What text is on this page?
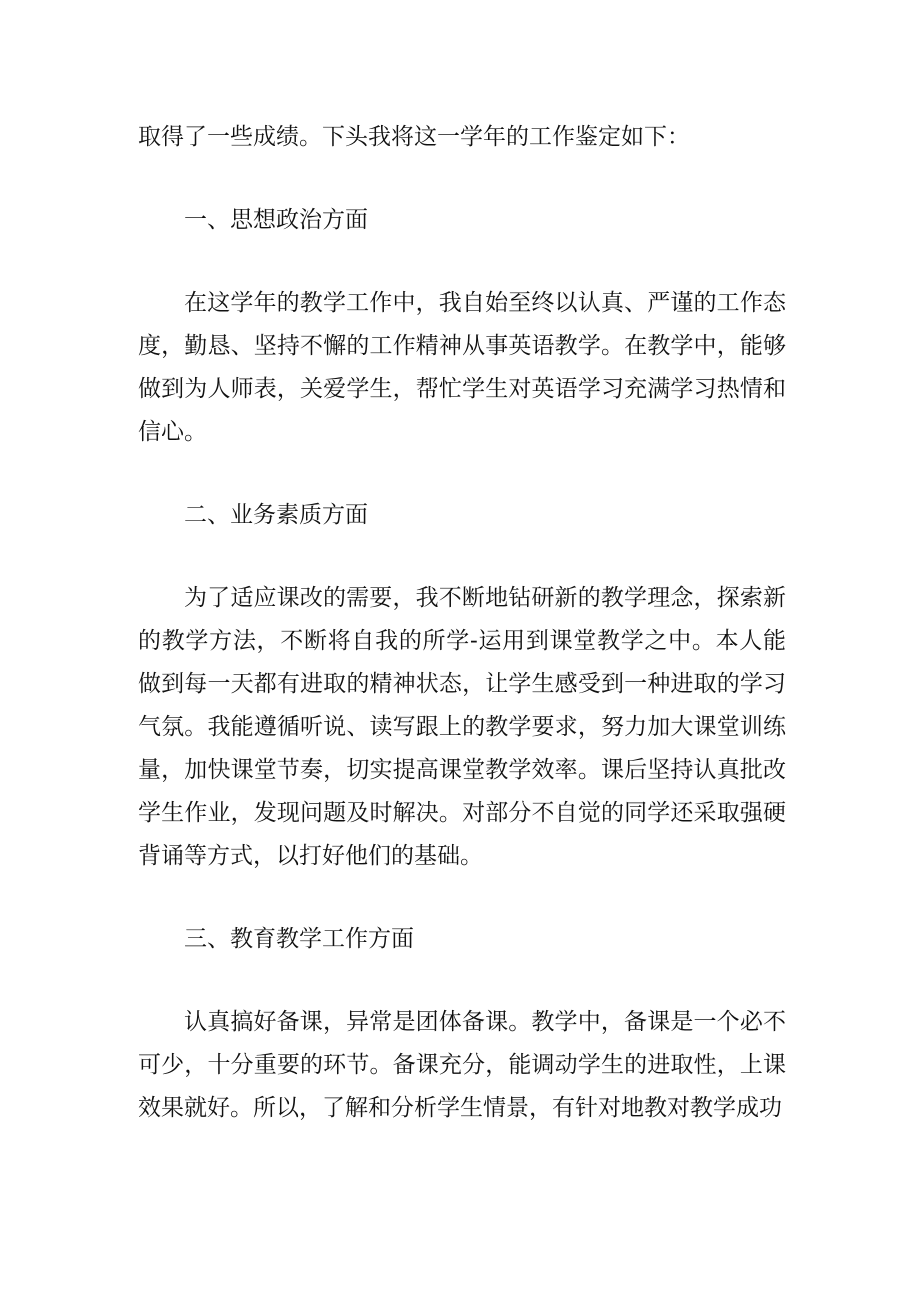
取得了一些成绩。下头我将这一学年的工作鉴定如下：

一、思想政治方面

在这学年的教学工作中，我自始至终以认真、严谨的工作态度，勤恳、坚持不懈的工作精神从事英语教学。在教学中，能够做到为人师表，关爱学生，帮忙学生对英语学习充满学习热情和信心。

二、业务素质方面

为了适应课改的需要，我不断地钻研新的教学理念，探索新的教学方法，不断将自我的所学-运用到课堂教学之中。本人能做到每一天都有进取的精神状态，让学生感受到一种进取的学习气氛。我能遵循听说、读写跟上的教学要求，努力加大课堂训练量，加快课堂节奏，切实提高课堂教学效率。课后坚持认真批改学生作业，发现问题及时解决。对部分不自觉的同学还采取强硬背诵等方式，以打好他们的基础。

三、教育教学工作方面

认真搞好备课，异常是团体备课。教学中，备课是一个必不可少，十分重要的环节。备课充分，能调动学生的进取性，上课效果就好。所以，了解和分析学生情景，有针对地教对教学成功
